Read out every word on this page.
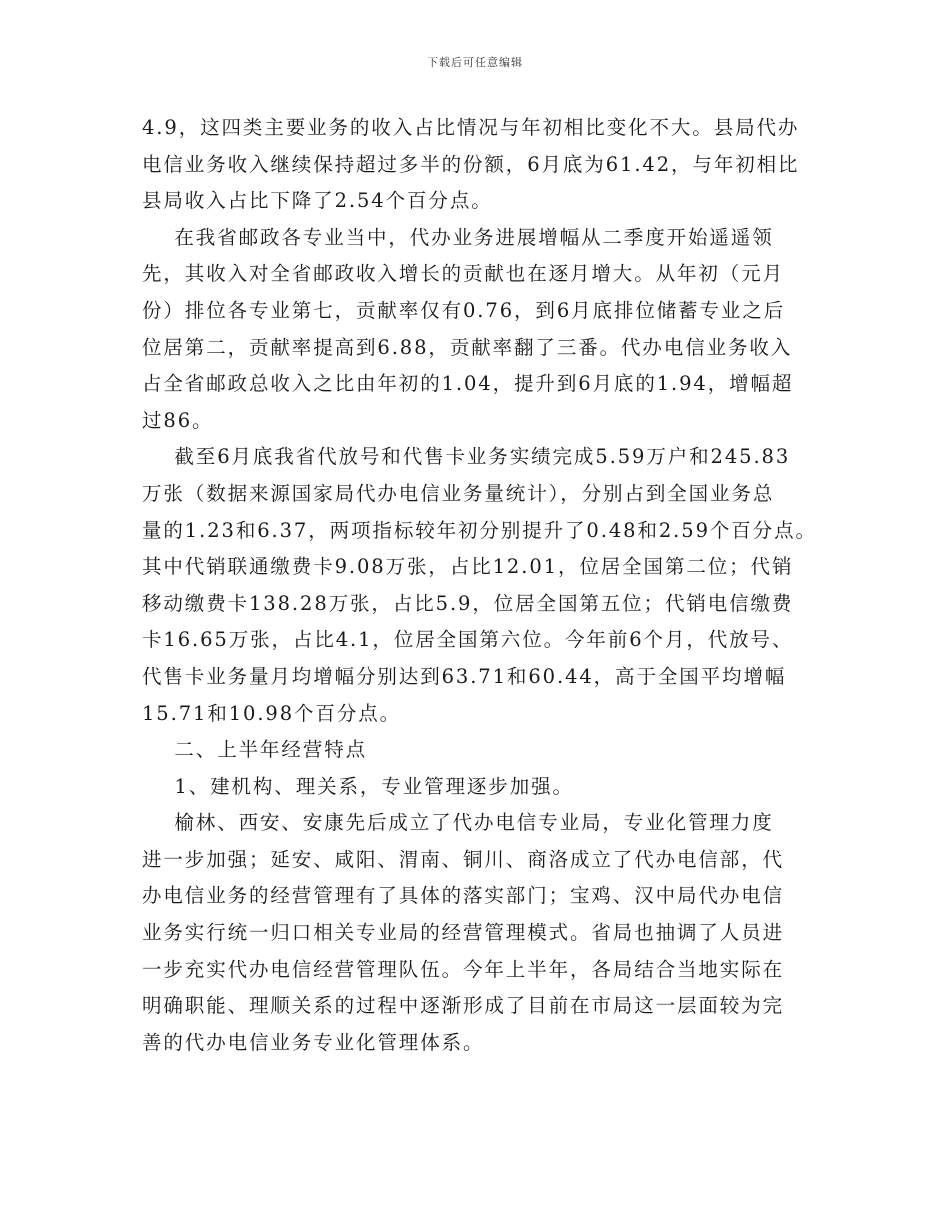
下载后可任意编辑

4.9，这四类主要业务的收入占比情况与年初相比变化不大。县局代办

电信业务收入继续保持超过多半的份额，6月底为61.42，与年初相比

县局收入占比下降了2.54个百分点。

在我省邮政各专业当中，代办业务进展增幅从二季度开始遥遥领

先，其收入对全省邮政收入增长的贡献也在逐月增大。从年初（元月

份）排位各专业第七，贡献率仅有0.76，到6月底排位储蓄专业之后

位居第二，贡献率提高到6.88，贡献率翻了三番。代办电信业务收入

占全省邮政总收入之比由年初的1.04，提升到6月底的1.94，增幅超

过86。

截至6月底我省代放号和代售卡业务实绩完成5.59万户和245.83

万张（数据来源国家局代办电信业务量统计），分别占到全国业务总

量的1.23和6.37，两项指标较年初分别提升了0.48和2.59个百分点。

其中代销联通缴费卡9.08万张，占比12.01，位居全国第二位；代销

移动缴费卡138.28万张，占比5.9，位居全国第五位；代销电信缴费

卡16.65万张，占比4.1，位居全国第六位。今年前6个月，代放号、

代售卡业务量月均增幅分别达到63.71和60.44，高于全国平均增幅

15.71和10.98个百分点。

二、上半年经营特点

1、建机构、理关系，专业管理逐步加强。

榆林、西安、安康先后成立了代办电信专业局，专业化管理力度

进一步加强；延安、咸阳、渭南、铜川、商洛成立了代办电信部，代

办电信业务的经营管理有了具体的落实部门；宝鸡、汉中局代办电信

业务实行统一归口相关专业局的经营管理模式。省局也抽调了人员进

一步充实代办电信经营管理队伍。今年上半年，各局结合当地实际在

明确职能、理顺关系的过程中逐渐形成了目前在市局这一层面较为完

善的代办电信业务专业化管理体系。
